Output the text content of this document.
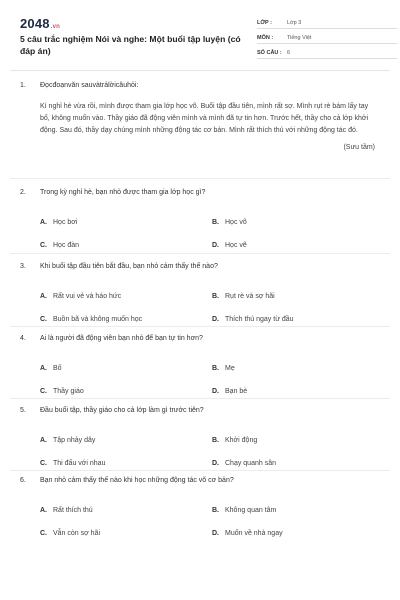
2048.vn
5 câu trắc nghiệm Nói và nghe: Một buổi tập luyện (có đáp án)
LỚP :	Lớp 3
MÔN :	Tiếng Việt
SỐ CÂU : 6
1.	Đọcđoạnvăn sauvàtrảlờicâuhỏi:
Kì nghỉ hè vừa rồi, mình được tham gia lớp học võ. Buổi tập đầu tiên, mình rất sợ. Mình rụt rè bám lấy tay bố, không muốn vào. Thầy giáo đã động viên mình và mình đã tự tin hơn. Trước hết, thầy cho cả lớp khởi động. Sau đó, thầy dạy chúng mình những động tác cơ bản. Mình rất thích thú với những động tác đó.
(Sưu tầm)
2.	Trong kỳ nghỉ hè, bạn nhỏ được tham gia lớp học gì?
A. Học bơi	B. Học võ
C. Học đàn	D. Học vẽ
3.	Khi buổi tập đầu tiên bắt đầu, bạn nhỏ cảm thấy thế nào?
A. Rất vui vẻ và háo hức	B. Rụt rè và sợ hãi
C. Buồn bã và không muốn học	D. Thích thú ngay từ đầu
4.	Ai là người đã động viên bạn nhỏ để bạn tự tin hơn?
A. Bố	B. Mẹ
C. Thầy giáo	D. Bạn bè
5.	Đầu buổi tập, thầy giáo cho cả lớp làm gì trước tiên?
A. Tập nhảy dây	B. Khởi động
C. Thi đấu với nhau	D. Chạy quanh sân
6.	Bạn nhỏ cảm thấy thế nào khi học những động tác võ cơ bản?
A. Rất thích thú	B. Không quan tâm
C. Vẫn còn sợ hãi	D. Muốn về nhà ngay
